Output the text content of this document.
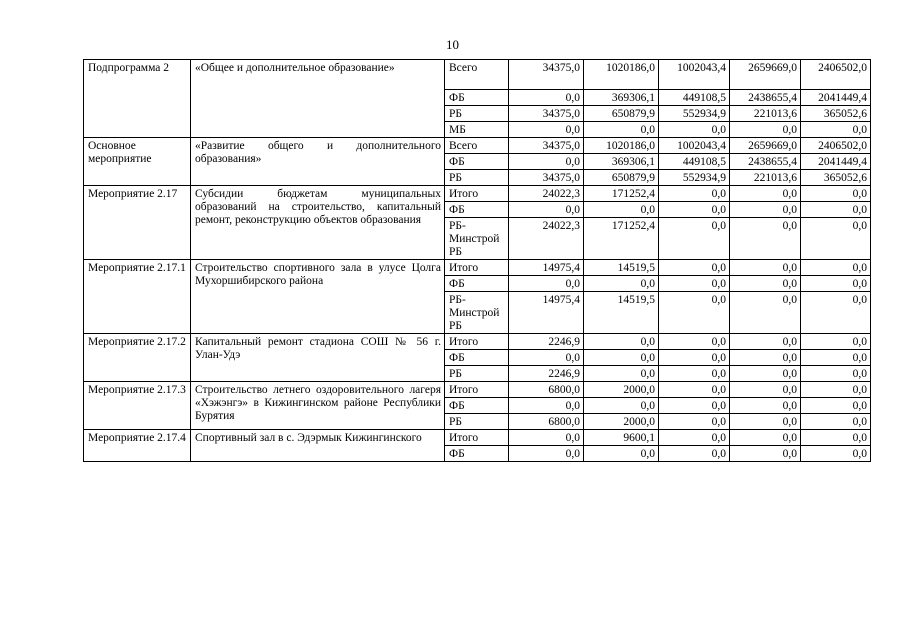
10
Подпрограмма 2	«Общее и дополнительное образование»	Всего	34375,0	1020186,0	1002043,4	2659669,0	2406502,0
		ФБ	0,0	369306,1	449108,5	2438655,4	2041449,4
		РБ	34375,0	650879,9	552934,9	221013,6	365052,6
		МБ	0,0	0,0	0,0	0,0	0,0
Основное мероприятие	«Развитие общего и дополнительного образования»	Всего	34375,0	1020186,0	1002043,4	2659669,0	2406502,0
		ФБ	0,0	369306,1	449108,5	2438655,4	2041449,4
		РБ	34375,0	650879,9	552934,9	221013,6	365052,6
Мероприятие 2.17	Субсидии бюджетам муниципальных образований на строительство, капитальный ремонт, реконструкцию объектов образования	Итого	24022,3	171252,4	0,0	0,0	0,0
		ФБ	0,0	0,0	0,0	0,0	0,0
		РБ-Минстрой РБ	24022,3	171252,4	0,0	0,0	0,0
Мероприятие 2.17.1	Строительство спортивного зала в улусе Цолга Мухоршибирского района	Итого	14975,4	14519,5	0,0	0,0	0,0
		ФБ	0,0	0,0	0,0	0,0	0,0
		РБ-Минстрой РБ	14975,4	14519,5	0,0	0,0	0,0
Мероприятие 2.17.2	Капитальный ремонт стадиона СОШ № 56 г. Улан-Удэ	Итого	2246,9	0,0	0,0	0,0	0,0
		ФБ	0,0	0,0	0,0	0,0	0,0
		РБ	2246,9	0,0	0,0	0,0	0,0
Мероприятие 2.17.3	Строительство летнего оздоровительного лагеря «Хэжэнгэ» в Кижингинском районе Республики Бурятия	Итого	6800,0	2000,0	0,0	0,0	0,0
		ФБ	0,0	0,0	0,0	0,0	0,0
		РБ	6800,0	2000,0	0,0	0,0	0,0
Мероприятие 2.17.4	Спортивный зал в с. Эдэрмык Кижингинского	Итого	0,0	9600,1	0,0	0,0	0,0
		ФБ	0,0	0,0	0,0	0,0	0,0
